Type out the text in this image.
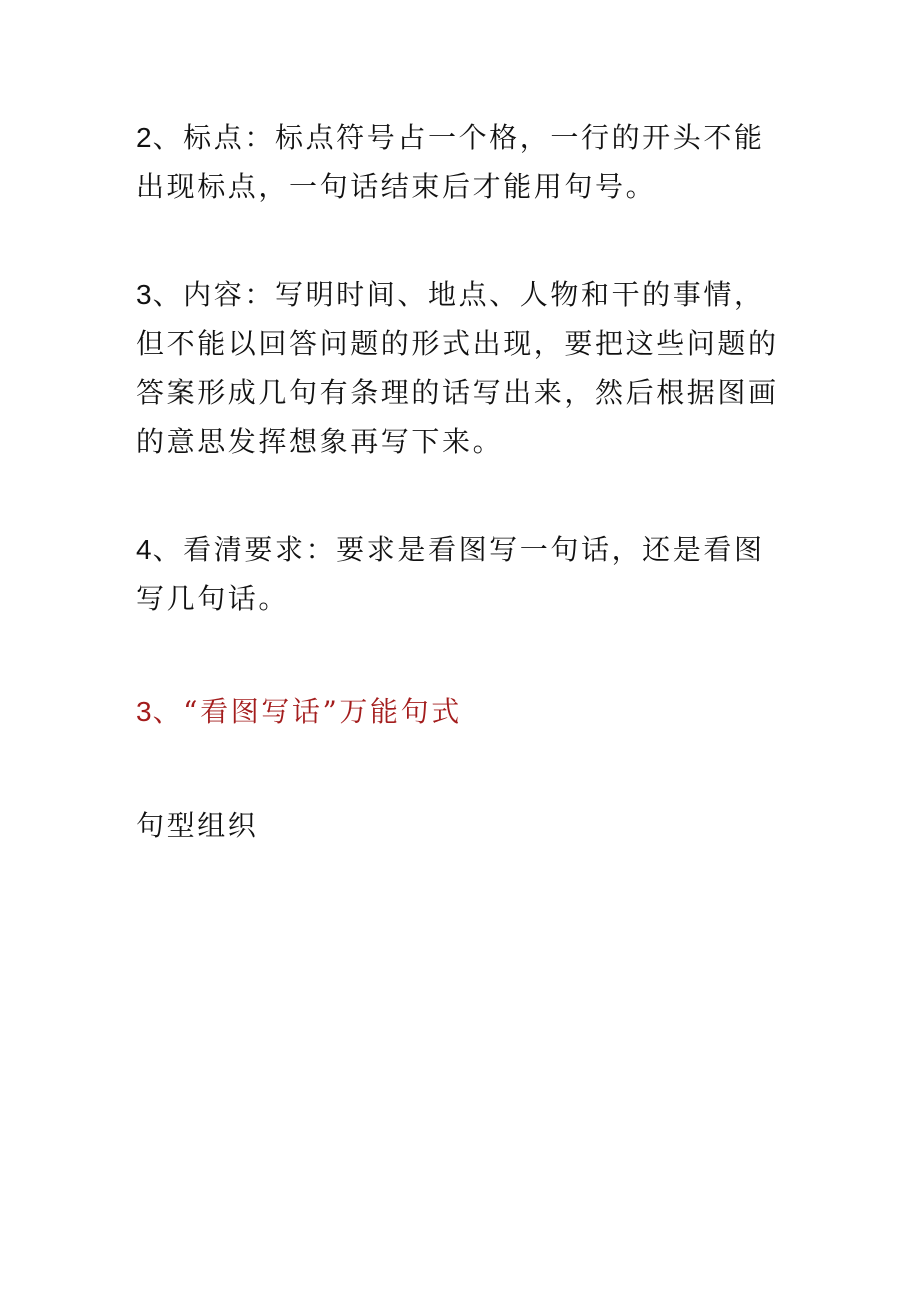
2、标点：标点符号占一个格，一行的开头不能
出现标点，一句话结束后才能用句号。
3、内容：写明时间、地点、人物和干的事情，
但不能以回答问题的形式出现，要把这些问题的
答案形成几句有条理的话写出来，然后根据图画
的意思发挥想象再写下来。
4、看清要求：要求是看图写一句话，还是看图
写几句话。
3、“看图写话”万能句式
句型组织
